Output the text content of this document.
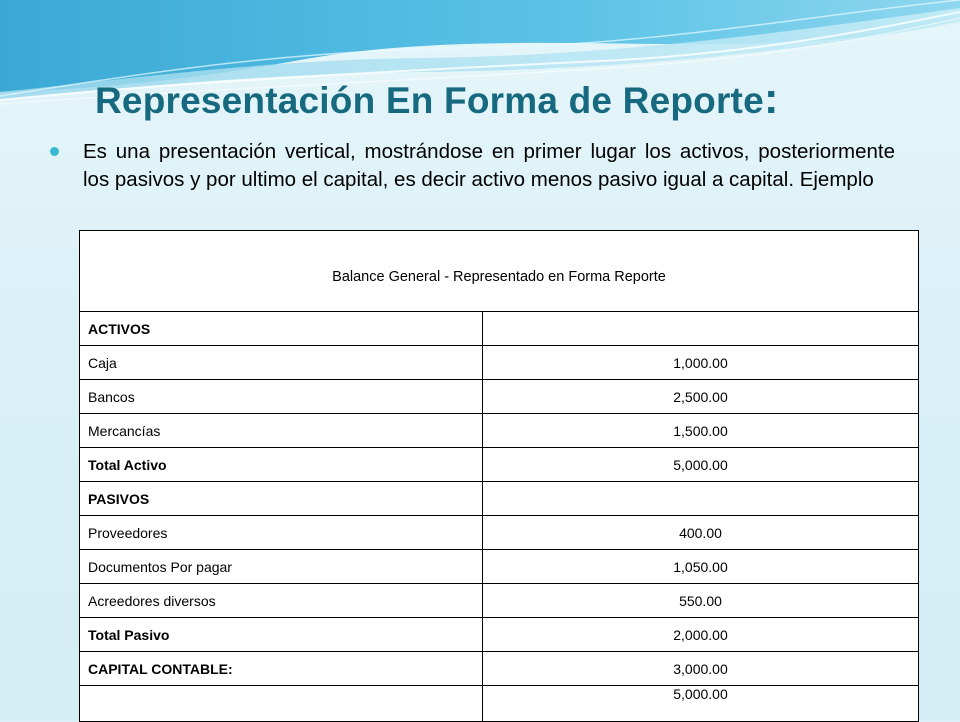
Representación En Forma de Reporte:

Es una presentación vertical, mostrándose en primer lugar los activos, posteriormente los pasivos y por ultimo el capital, es decir activo menos pasivo igual a capital. Ejemplo

Balance General - Representado en Forma Reporte	
ACTIVOS	
Caja	1,000.00
Bancos	2,500.00
Mercancías	1,500.00
Total Activo	5,000.00
PASIVOS	
Proveedores	400.00
Documentos Por pagar	1,050.00
Acreedores diversos	550.00
Total Pasivo	2,000.00
CAPITAL CONTABLE:	3,000.00
	5,000.00
